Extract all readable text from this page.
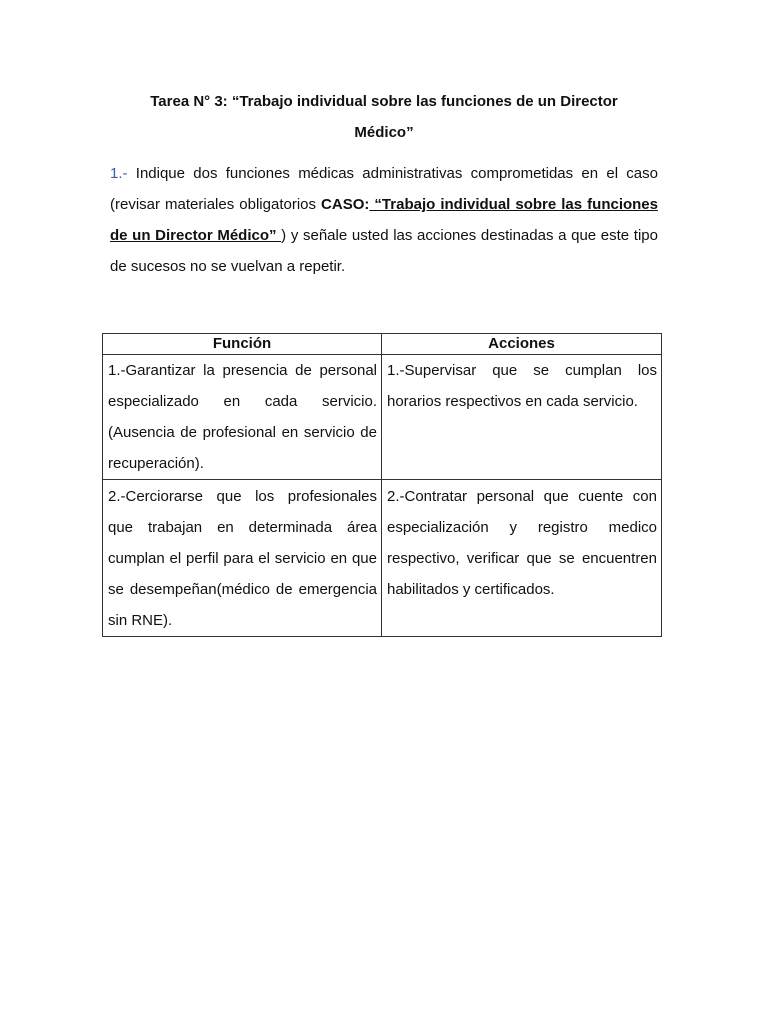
Tarea N° 3: “Trabajo individual sobre las funciones de un Director
Médico”
1.- Indique dos funciones médicas administrativas comprometidas en el caso (revisar materiales obligatorios CASO: “Trabajo individual sobre las funciones de un Director Médico” ) y señale usted las acciones destinadas a que este tipo de sucesos no se vuelvan a repetir.
Función	Acciones
1.-Garantizar la presencia de personal especializado en cada servicio. (Ausencia de profesional en servicio de recuperación).	1.-Supervisar que se cumplan los horarios respectivos en cada servicio.
2.-Cerciorarse que los profesionales que trabajan en determinada área cumplan el perfil para el servicio en que se desempeñan(médico de emergencia sin RNE).	2.-Contratar personal que cuente con especialización y registro medico respectivo, verificar que se encuentren habilitados y certificados.
